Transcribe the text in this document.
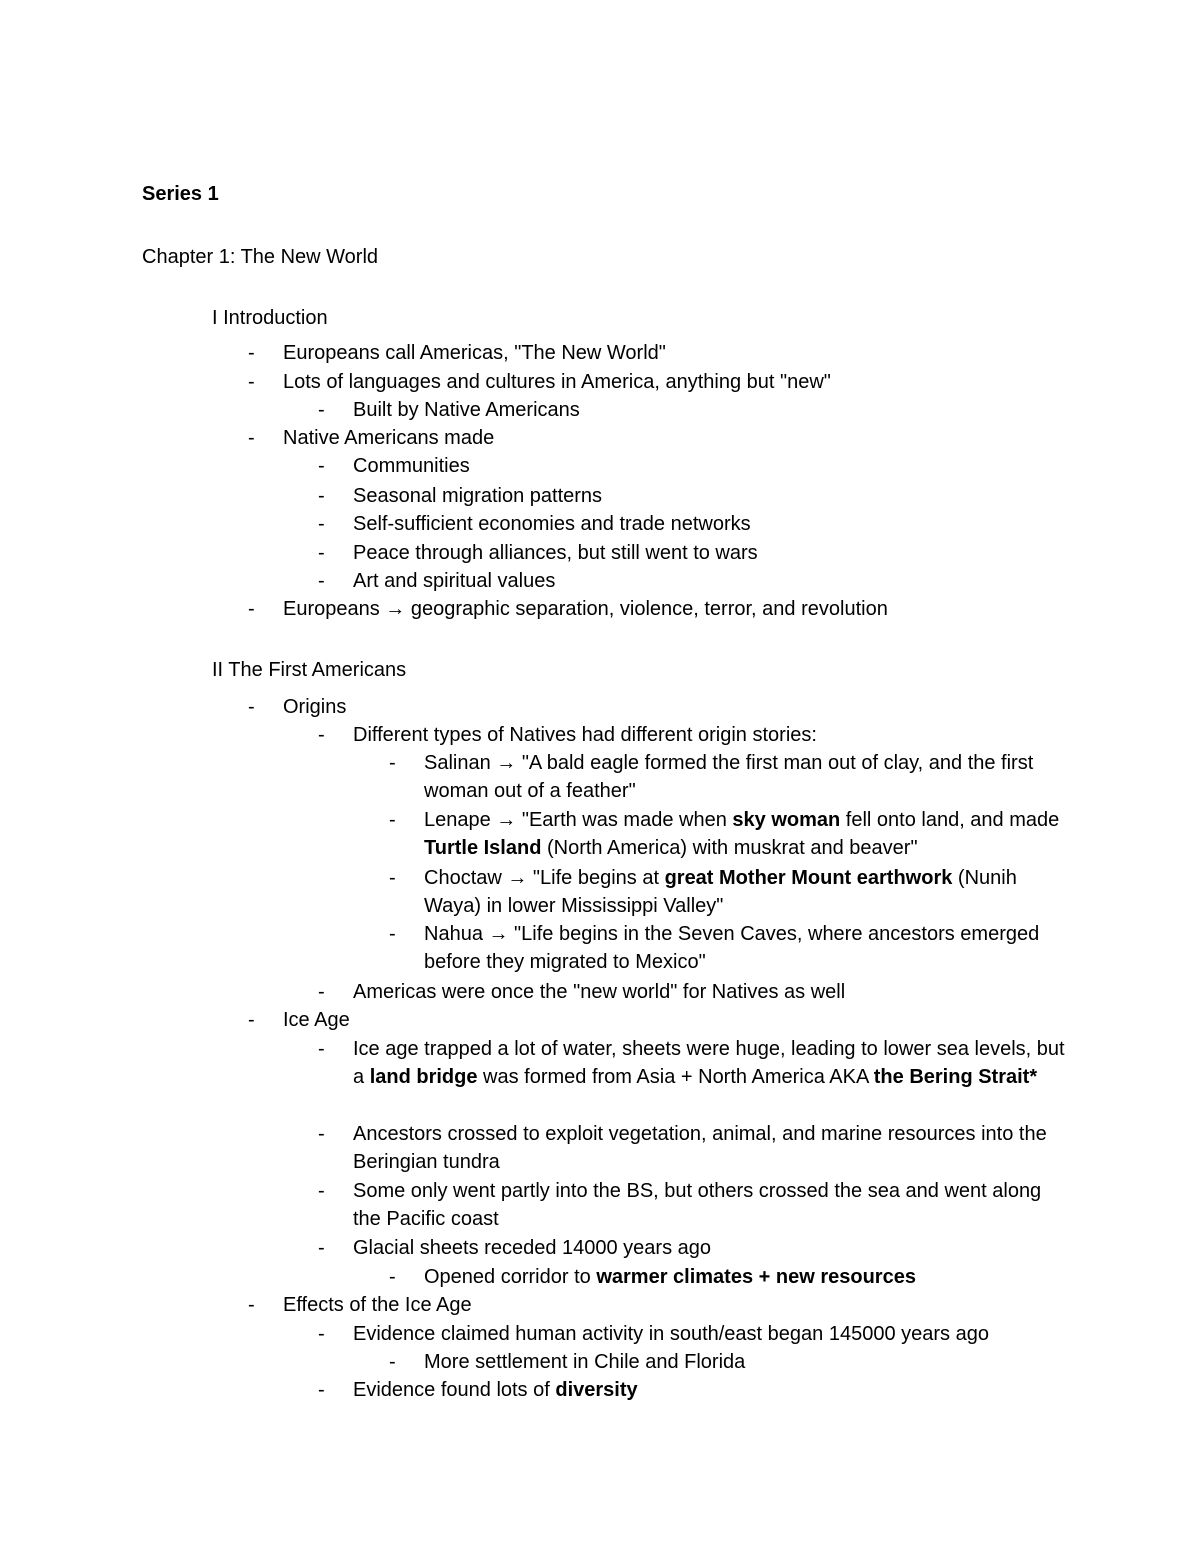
Series 1
Chapter 1: The New World
I Introduction
- Europeans call Americas, "The New World"
- Lots of languages and cultures in America, anything but "new"
- Built by Native Americans
- Native Americans made
- Communities
- Seasonal migration patterns
- Self-sufficient economies and trade networks
- Peace through alliances, but still went to wars
- Art and spiritual values
- Europeans → geographic separation, violence, terror, and revolution
II The First Americans
- Origins
- Different types of Natives had different origin stories:
- Salinan → "A bald eagle formed the first man out of clay, and the first woman out of a feather"
- Lenape → "Earth was made when sky woman fell onto land, and made Turtle Island (North America) with muskrat and beaver"
- Choctaw → "Life begins at great Mother Mount earthwork (Nunih Waya) in lower Mississippi Valley"
- Nahua → "Life begins in the Seven Caves, where ancestors emerged before they migrated to Mexico"
- Americas were once the "new world" for Natives as well
- Ice Age
- Ice age trapped a lot of water, sheets were huge, leading to lower sea levels, but a land bridge was formed from Asia + North America AKA the Bering Strait*
- Ancestors crossed to exploit vegetation, animal, and marine resources into the Beringian tundra
- Some only went partly into the BS, but others crossed the sea and went along the Pacific coast
- Glacial sheets receded 14000 years ago
- Opened corridor to warmer climates + new resources
- Effects of the Ice Age
- Evidence claimed human activity in south/east began 145000 years ago
- More settlement in Chile and Florida
- Evidence found lots of diversity
